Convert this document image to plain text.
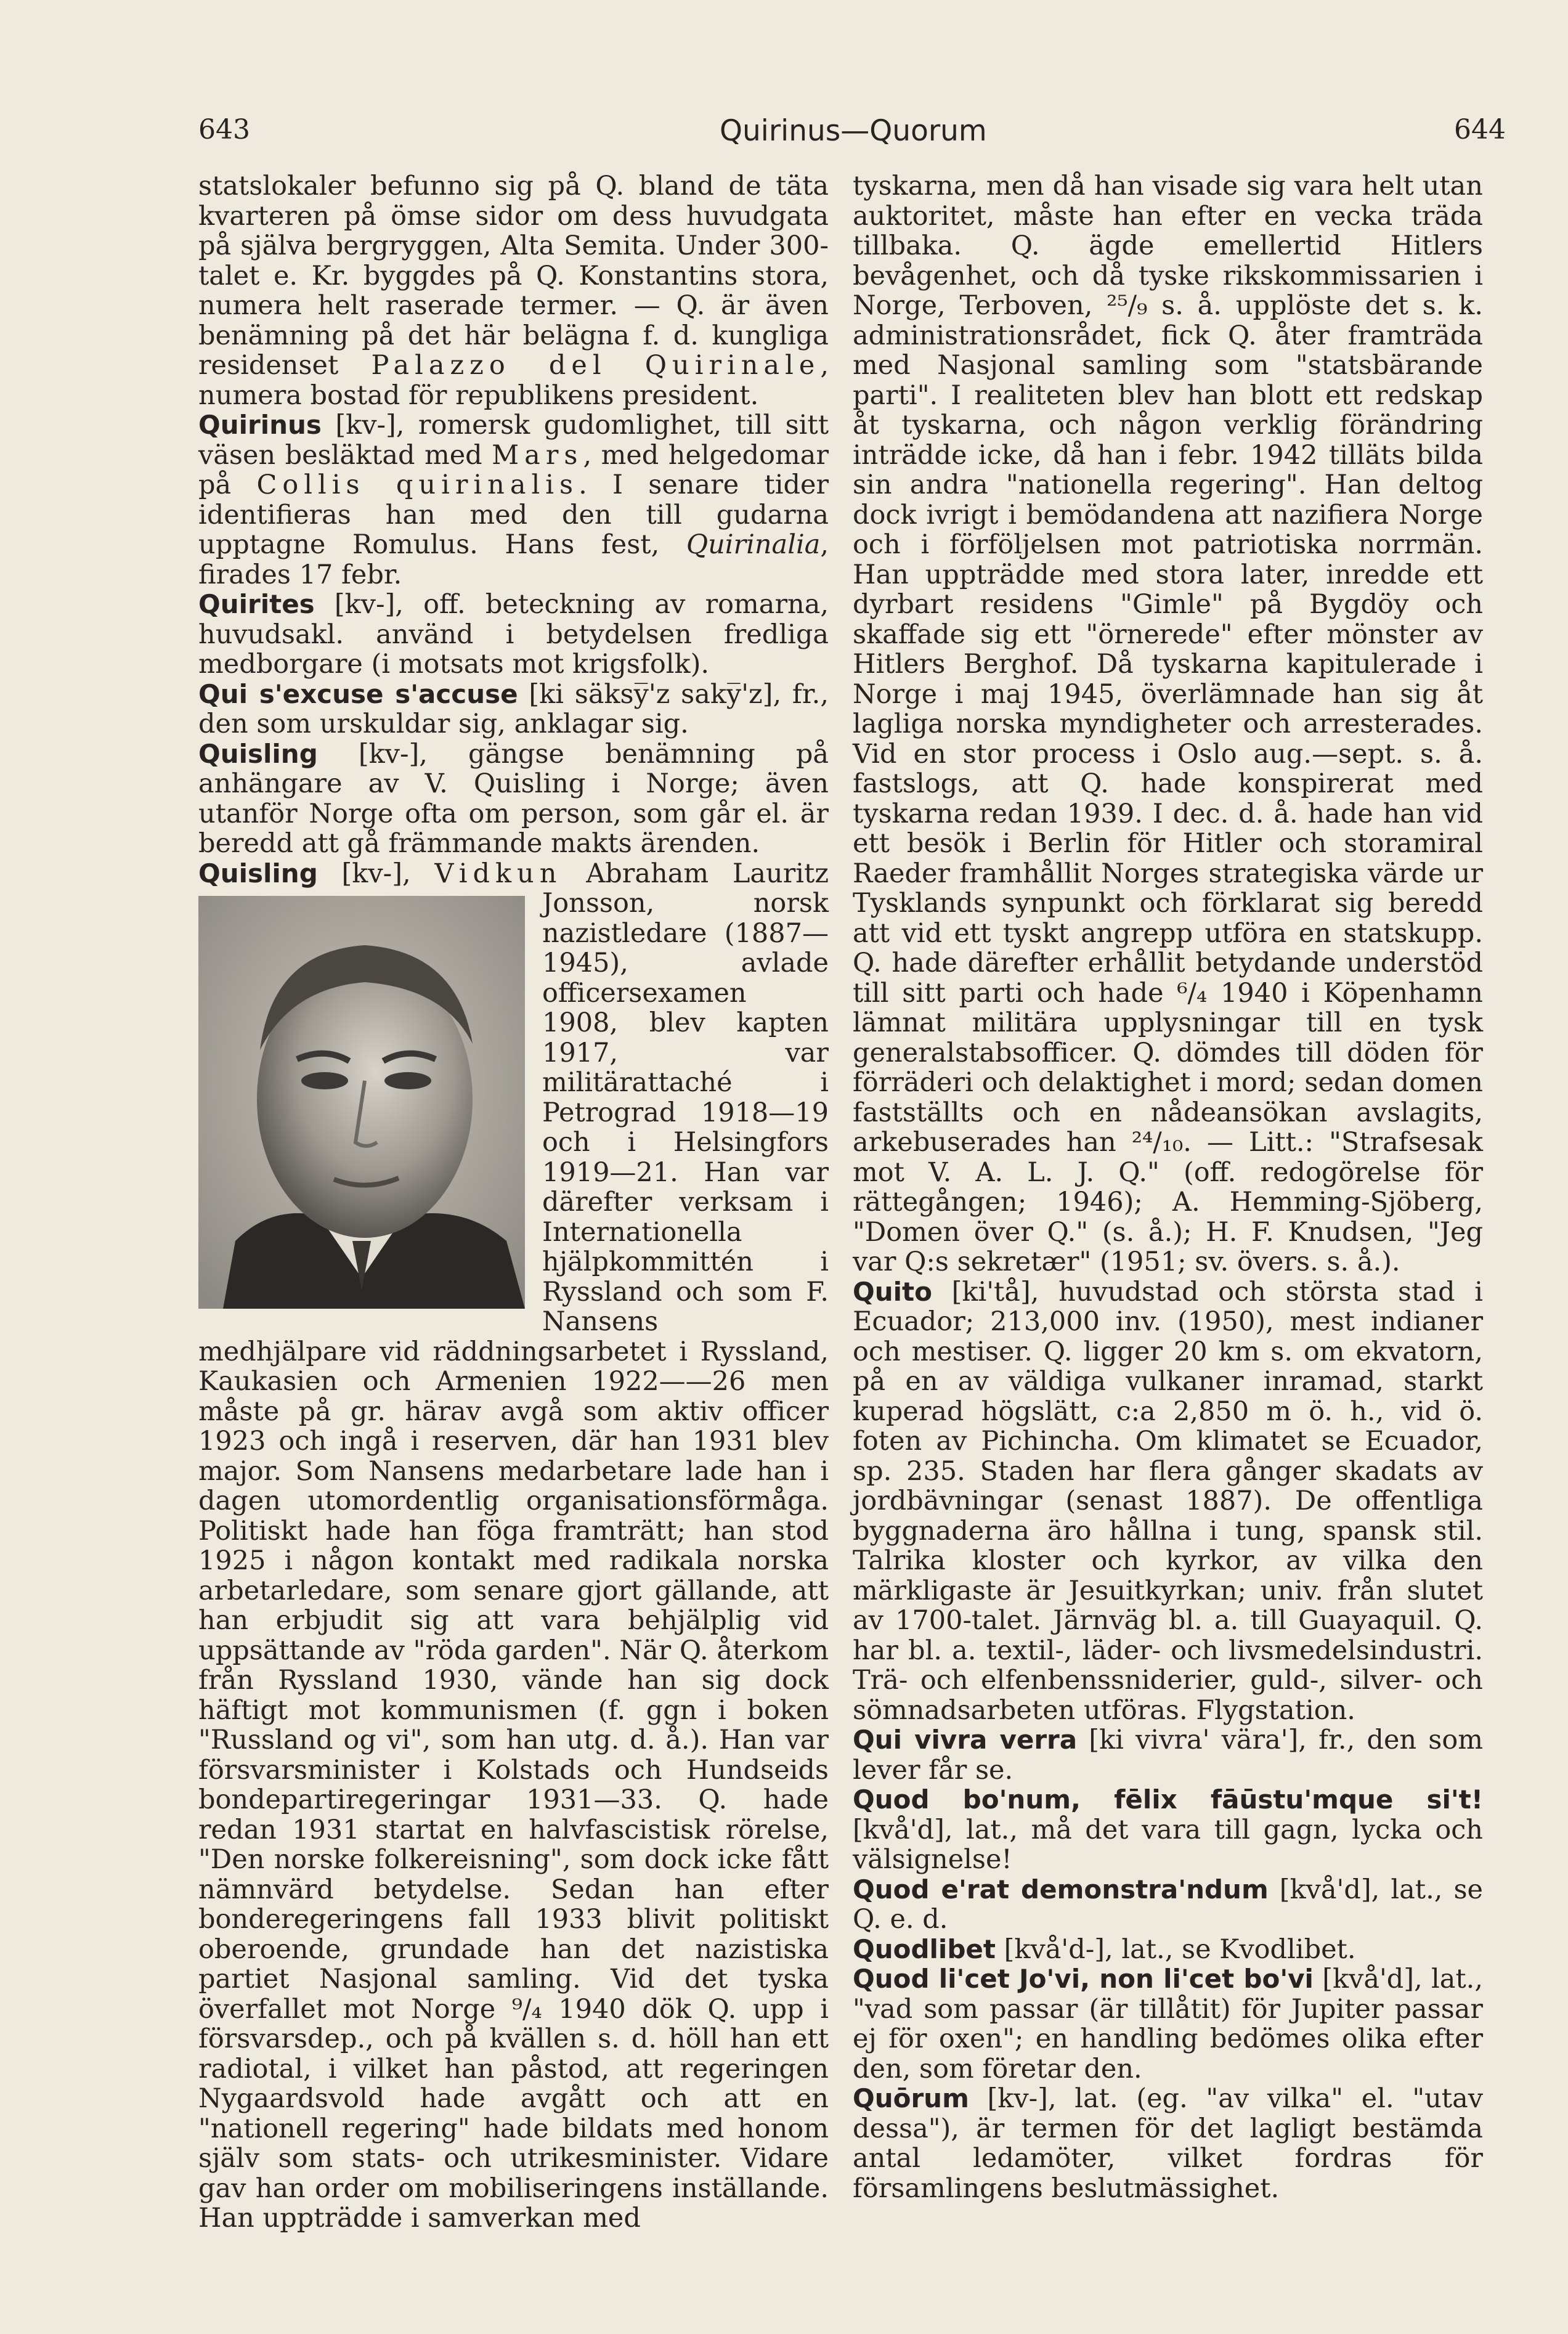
643	Quirinus—Quorum	644

statslokaler befunno sig på Q. bland de täta kvarteren på ömse sidor om dess huvudgata på själva bergryggen, Alta Semita. Under 300-talet e. Kr. byggdes på Q. Konstantins stora, numera helt raserade termer. — Q. är även benämning på det här belägna f. d. kungliga residenset Palazzo del Quirinale, numera bostad för republikens president.

Quirinus [kv-], romersk gudomlighet, till sitt väsen besläktad med Mars, med helgedomar på Collis quirinalis. I senare tider identifieras han med den till gudarna upptagne Romulus. Hans fest, Quirinalia, firades 17 febr.

Quirites [kv-], off. beteckning av romarna, huvudsakl. använd i betydelsen fredliga medborgare (i motsats mot krigsfolk).

Qui s'excuse s'accuse [ki säksy̅'z saky̅'z], fr., den som urskuldar sig, anklagar sig.

Quisling [kv-], gängse benämning på anhängare av V. Quisling i Norge; även utanför Norge ofta om person, som går el. är beredd att gå främmande makts ärenden.

Quisling [kv-], Vidkun
Abraham Lauritz Jonsson, norsk nazistledare (1887—1945), avlade officersexamen 1908, blev kapten 1917, var militärattaché i Petrograd 1918—19 och i Helsingfors 1919—21. Han var därefter verksam i Internationella hjälpkommittén i Ryssland och som F. Nansens medhjälpare vid räddningsarbetet i Ryssland, Kaukasien och Armenien 1922——26 men måste på gr. härav avgå som aktiv officer 1923 och ingå i reserven, där han 1931 blev major. Som Nansens medarbetare lade han i dagen utomordentlig organisationsförmåga. Politiskt hade han föga framträtt; han stod 1925 i någon kontakt med radikala norska arbetarledare, som senare gjort gällande, att han erbjudit sig att vara behjälplig vid uppsättande av "röda garden". När Q. återkom från Ryssland 1930, vände han sig dock häftigt mot kommunismen (f. ggn i boken "Russland og vi", som han utg. d. å.). Han var försvarsminister i Kolstads och Hundseids bondepartiregeringar 1931—33. Q. hade redan 1931 startat en halvfascistisk rörelse, "Den norske folkereisning", som dock icke fått nämnvärd betydelse. Sedan han efter bonderegeringens fall 1933 blivit politiskt oberoende, grundade han det nazistiska partiet Nasjonal samling. Vid det tyska överfallet mot Norge ⁹/₄ 1940 dök Q. upp i försvarsdep., och på kvällen s. d. höll han ett radiotal, i vilket han påstod, att regeringen Nygaardsvold hade avgått och att en "nationell regering" hade bildats med honom själv som stats- och utrikesminister. Vidare gav han order om mobiliseringens inställande. Han uppträdde i samverkan med

tyskarna, men då han visade sig vara helt utan auktoritet, måste han efter en vecka träda tillbaka. Q. ägde emellertid Hitlers bevågenhet, och då tyske rikskommissarien i Norge, Terboven, ²⁵/₉ s. å. upplöste det s. k. administrationsrådet, fick Q. åter framträda med Nasjonal samling som "statsbärande parti". I realiteten blev han blott ett redskap åt tyskarna, och någon verklig förändring inträdde icke, då han i febr. 1942 tilläts bilda sin andra "nationella regering". Han deltog dock ivrigt i bemödandena att nazifiera Norge och i förföljelsen mot patriotiska norrmän. Han uppträdde med stora later, inredde ett dyrbart residens "Gimle" på Bygdöy och skaffade sig ett "örnerede" efter mönster av Hitlers Berghof. Då tyskarna kapitulerade i Norge i maj 1945, överlämnade han sig åt lagliga norska myndigheter och arresterades. Vid en stor process i Oslo aug.—sept. s. å. fastslogs, att Q. hade konspirerat med tyskarna redan 1939. I dec. d. å. hade han vid ett besök i Berlin för Hitler och storamiral Raeder framhållit Norges strategiska värde ur Tysklands synpunkt och förklarat sig beredd att vid ett tyskt angrepp utföra en statskupp. Q. hade därefter erhållit betydande understöd till sitt parti och hade ⁶/₄ 1940 i Köpenhamn lämnat militära upplysningar till en tysk generalstabsofficer. Q. dömdes till döden för förräderi och delaktighet i mord; sedan domen fastställts och en nådeansökan avslagits, arkebuserades han ²⁴/₁₀. — Litt.: "Strafsesak mot V. A. L. J. Q." (off. redogörelse för rättegången; 1946); A. Hemming-Sjöberg, "Domen över Q." (s. å.); H. F. Knudsen, "Jeg var Q:s sekretær" (1951; sv. övers. s. å.).

Quito [ki'tå], huvudstad och största stad i Ecuador; 213,000 inv. (1950), mest indianer och mestiser. Q. ligger 20 km s. om ekvatorn, på en av väldiga vulkaner inramad, starkt kuperad högslätt, c:a 2,850 m ö. h., vid ö. foten av Pichincha. Om klimatet se Ecuador, sp. 235. Staden har flera gånger skadats av jordbävningar (senast 1887). De offentliga byggnaderna äro hållna i tung, spansk stil. Talrika kloster och kyrkor, av vilka den märkligaste är Jesuitkyrkan; univ. från slutet av 1700-talet. Järnväg bl. a. till Guayaquil. Q. har bl. a. textil-, läder- och livsmedelsindustri. Trä- och elfenbenssniderier, guld-, silver- och sömnadsarbeten utföras. Flygstation.

Qui vivra verra [ki vivra' vära'], fr., den som lever får se.

Quod bo'num, fēlix fāūstu'mque si't! [kvå'd], lat., må det vara till gagn, lycka och välsignelse!

Quod e'rat demonstra'ndum [kvå'd], lat., se Q. e. d.

Quodlibet [kvå'd-], lat., se Kvodlibet.

Quod li'cet Jo'vi, non li'cet bo'vi [kvå'd], lat., "vad som passar (är tillåtit) för Jupiter passar ej för oxen"; en handling bedömes olika efter den, som företar den.

Quōrum [kv-], lat. (eg. "av vilka" el. "utav dessa"), är termen för det lagligt bestämda antal ledamöter, vilket fordras för församlingens beslutmässighet.
